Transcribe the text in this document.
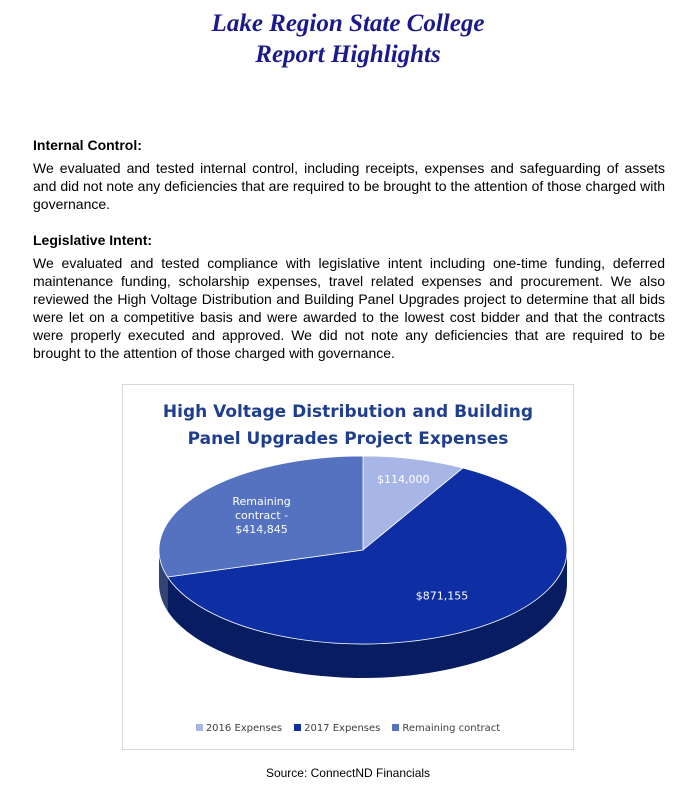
Lake Region State College
Report Highlights
Internal Control:
We evaluated and tested internal control, including receipts, expenses and safeguarding of assets and did not note any deficiencies that are required to be brought to the attention of those charged with governance.
Legislative Intent:
We evaluated and tested compliance with legislative intent including one-time funding, deferred maintenance funding, scholarship expenses, travel related expenses and procurement. We also reviewed the High Voltage Distribution and Building Panel Upgrades project to determine that all bids were let on a competitive basis and were awarded to the lowest cost bidder and that the contracts were properly executed and approved. We did not note any deficiencies that are required to be brought to the attention of those charged with governance.
High Voltage Distribution and Building
Panel Upgrades Project Expenses
$114,000
$871,155
Remaining contract -$414,845
2016 Expenses 2017 Expenses Remaining contract
Source: ConnectND Financials
